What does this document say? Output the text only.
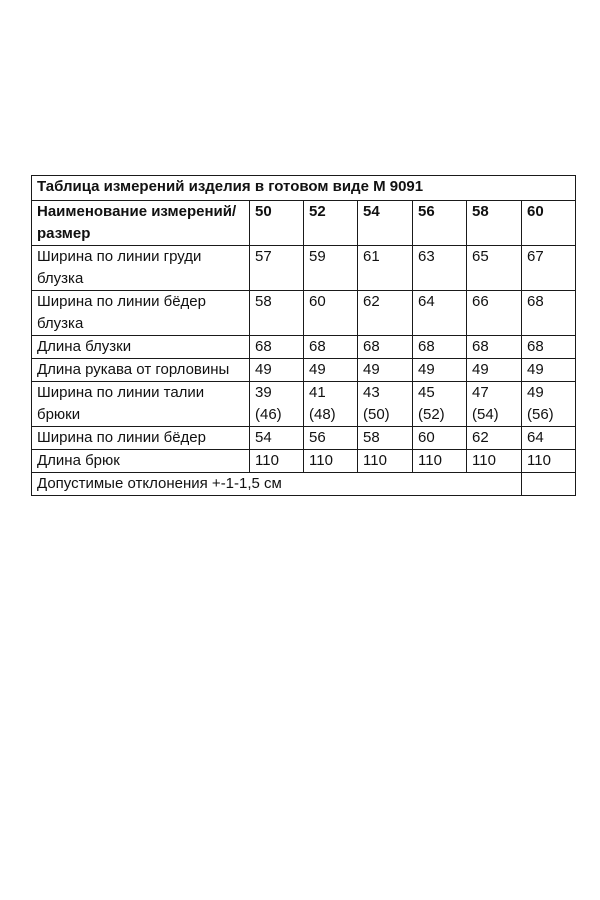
Таблица измерений изделия в готовом виде М 9091						
Наименование измерений/размер	50	52	54	56	58	60
Ширина по линии груди блузка	57	59	61	63	65	67
Ширина по линии бёдер блузка	58	60	62	64	66	68
Длина блузки	68	68	68	68	68	68
Длина рукава от горловины	49	49	49	49	49	49
Ширина по линии талии брюки	39 (46)	41 (48)	43 (50)	45 (52)	47 (54)	49 (56)
Ширина по линии бёдер	54	56	58	60	62	64
Длина брюк	110	110	110	110	110	110
Допустимые отклонения +-1-1,5 см						
